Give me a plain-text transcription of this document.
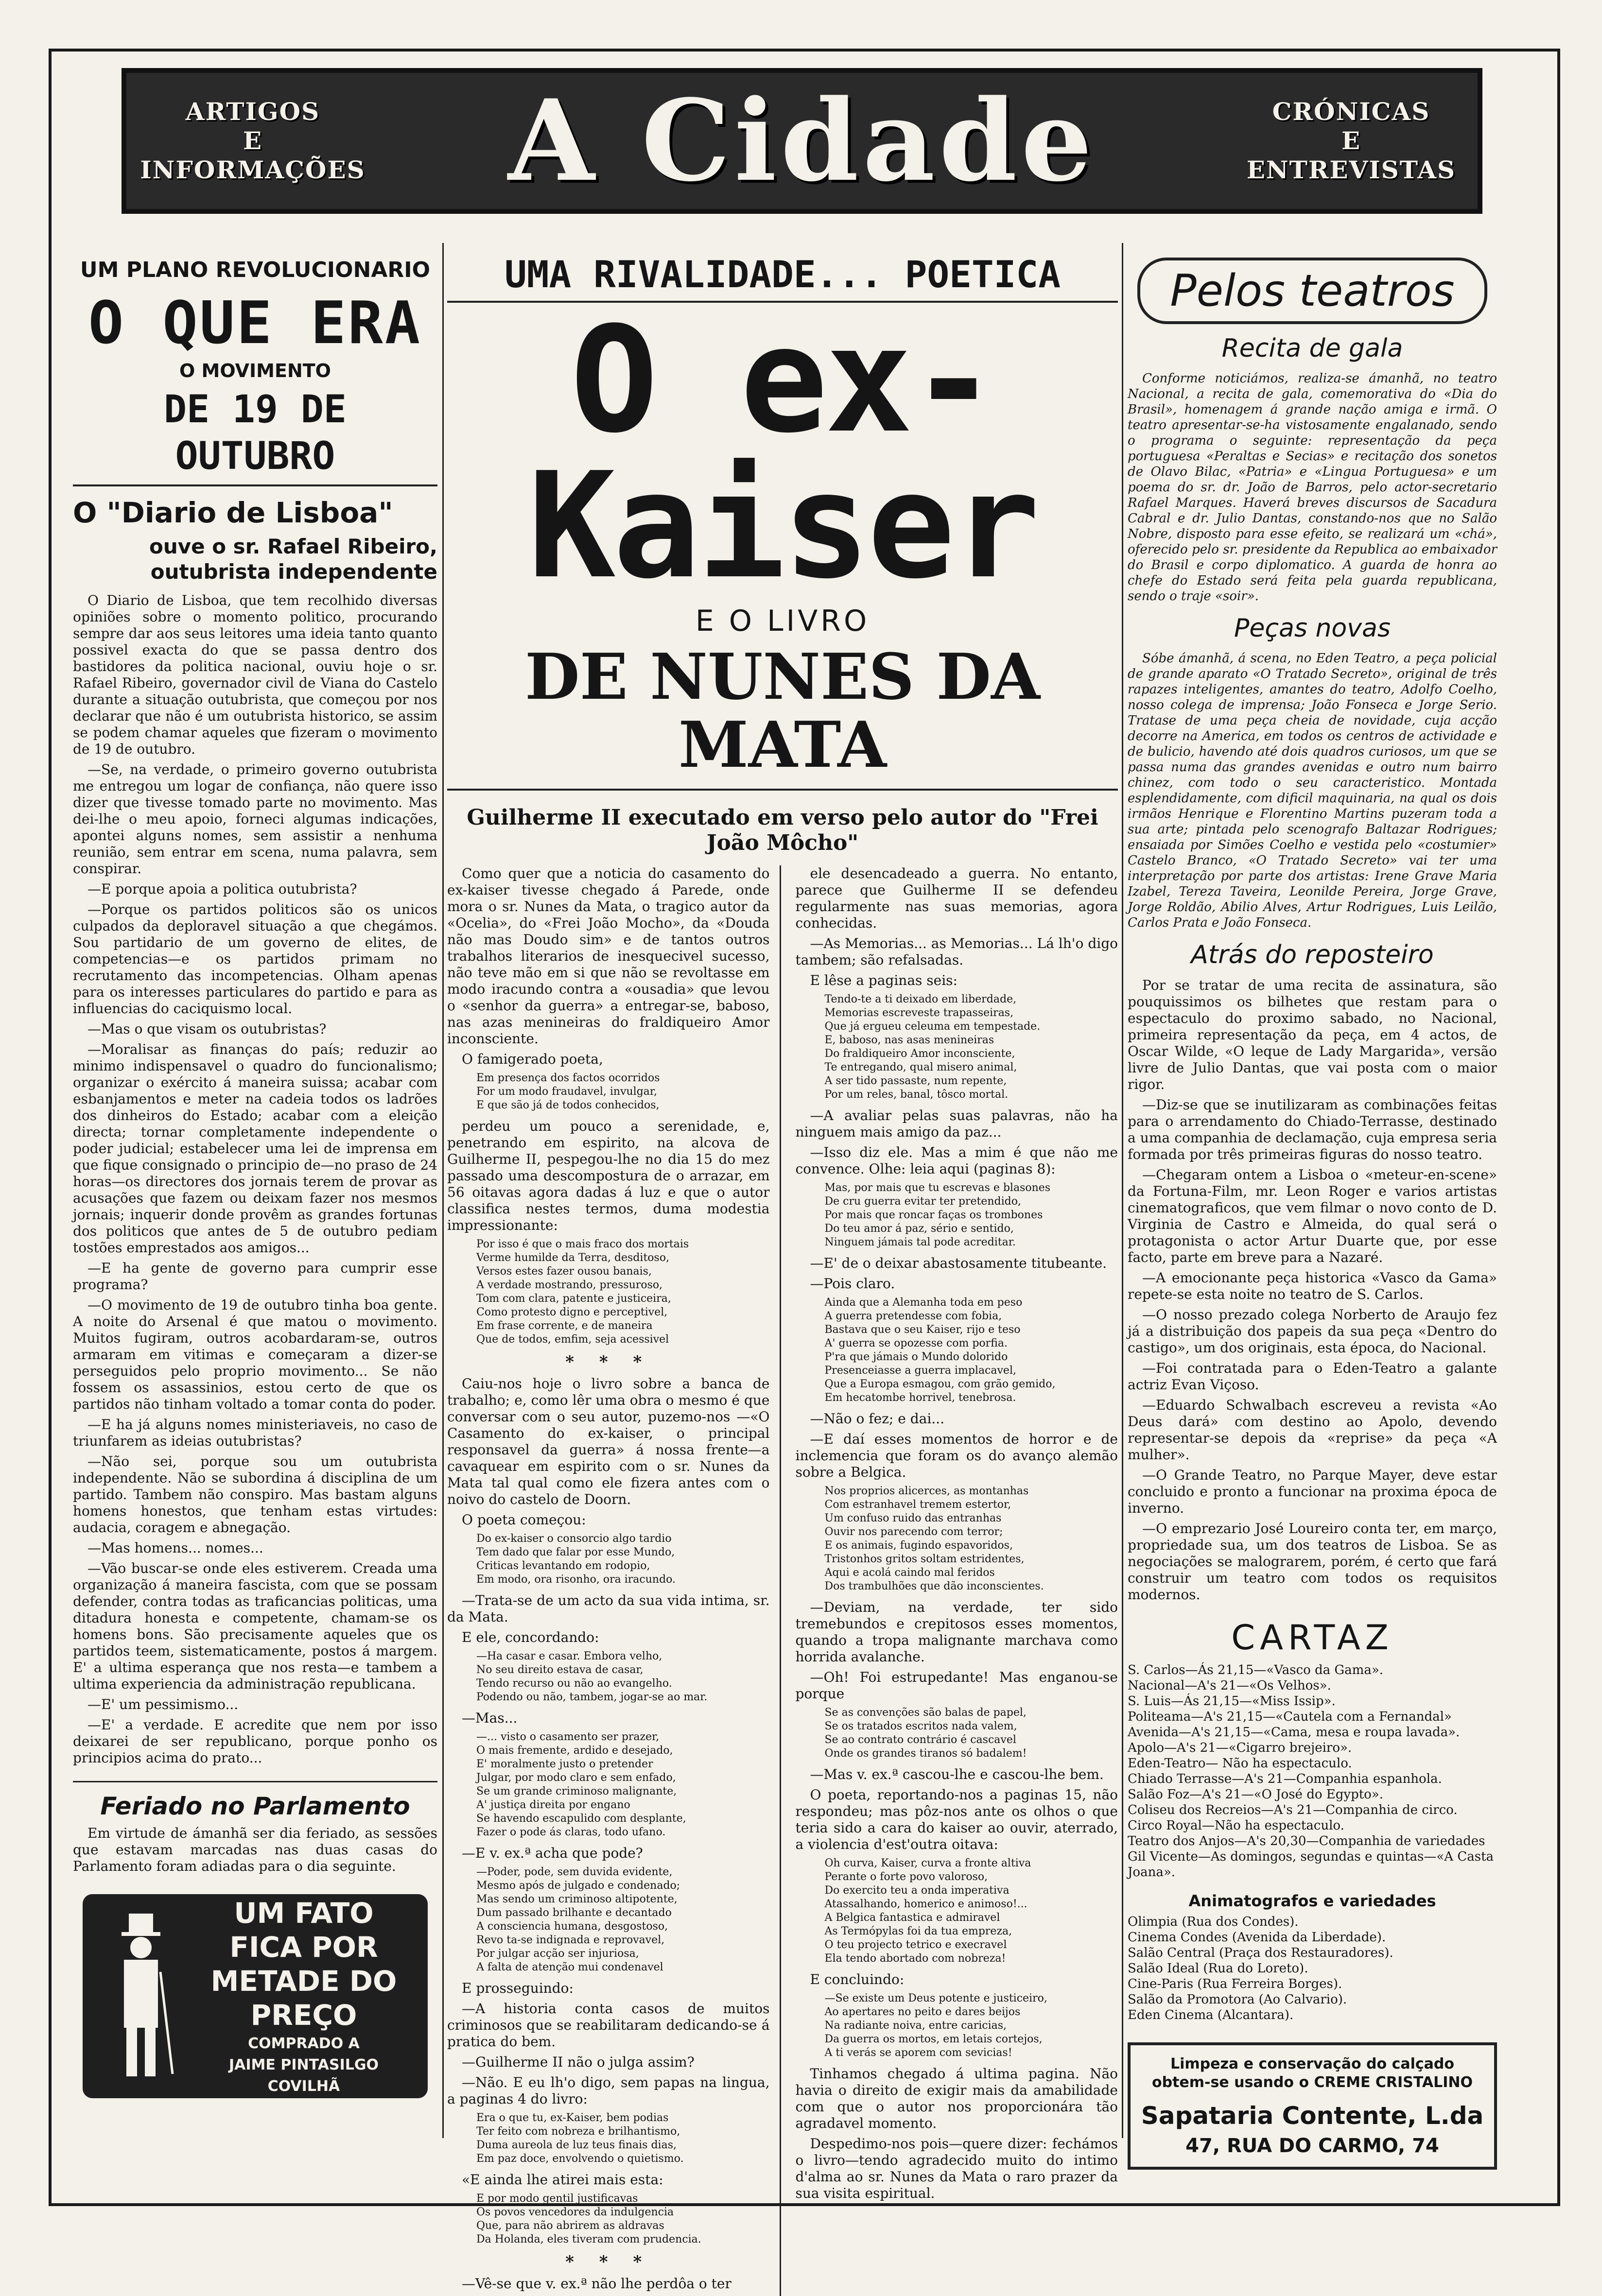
ARTIGOS
E
INFORMAÇÕES A Cidade	CRÓNICAS
E
ENTREVISTAS
UM PLANO REVOLUCIONARIO
O QUE ERA
O MOVIMENTO
DE 19 DE OUTUBRO
O "Diario de Lisboa"
ouve o sr. Rafael Ribeiro, outubrista independente

O Diario de Lisboa, que tem recolhido diversas opiniões sobre o momento politico, procurando sempre dar aos seus leitores uma ideia tanto quanto possivel exacta do que se passa dentro dos bastidores da politica nacional, ouviu hoje o sr. Rafael Ribeiro, governador civil de Viana do Castelo durante a situação outubrista, que começou por nos declarar que não é um outubrista historico, se assim se podem chamar aqueles que fizeram o movimento de 19 de outubro.

—Se, na verdade, o primeiro governo outubrista me entregou um logar de confiança, não quere isso dizer que tivesse tomado parte no movimento. Mas dei-lhe o meu apoio, forneci algumas indicações, apontei alguns nomes, sem assistir a nenhuma reunião, sem entrar em scena, numa palavra, sem conspirar.

—E porque apoia a politica outubrista?

—Porque os partidos politicos são os unicos culpados da deploravel situação a que chegámos. Sou partidario de um governo de elites, de competencias—e os partidos primam no recrutamento das incompetencias. Olham apenas para os interesses particulares do partido e para as influencias do caciquismo local.

—Mas o que visam os outubristas?

—Moralisar as finanças do país; reduzir ao minimo indispensavel o quadro do funcionalismo; organizar o exército á maneira suissa; acabar com esbanjamentos e meter na cadeia todos os ladrões dos dinheiros do Estado; acabar com a eleição directa; tornar completamente independente o poder judicial; estabelecer uma lei de imprensa em que fique consignado o principio de—no praso de 24 horas—os directores dos jornais terem de provar as acusações que fazem ou deixam fazer nos mesmos jornais; inquerir donde provêm as grandes fortunas dos politicos que antes de 5 de outubro pediam tostões emprestados aos amigos...

—E ha gente de governo para cumprir esse programa?

—O movimento de 19 de outubro tinha boa gente. A noite do Arsenal é que matou o movimento. Muitos fugiram, outros acobardaram-se, outros armaram em vitimas e começaram a dizer-se perseguidos pelo proprio movimento... Se não fossem os assassinios, estou certo de que os partidos não tinham voltado a tomar conta do poder.

—E ha já alguns nomes ministeriaveis, no caso de triunfarem as ideias outubristas?

—Não sei, porque sou um outubrista independente. Não se subordina á disciplina de um partido. Tambem não conspiro. Mas bastam alguns homens honestos, que tenham estas virtudes: audacia, coragem e abnegação.

—Mas homens... nomes...

—Vão buscar-se onde eles estiverem. Creada uma organização á maneira fascista, com que se possam defender, contra todas as traficancias politicas, uma ditadura honesta e competente, chamam-se os homens bons. São precisamente aqueles que os partidos teem, sistematicamente, postos á margem. E' a ultima esperança que nos resta—e tambem a ultima experiencia da administração republicana.

—E' um pessimismo...

—E' a verdade. E acredite que nem por isso deixarei de ser republicano, porque ponho os principios acima do prato...

Feriado no Parlamento

Em virtude de ámanhã ser dia feriado, as sessões que estavam marcadas nas duas casas do Parlamento foram adiadas para o dia seguinte.

UM FATO

FICA POR

METADE DO PREÇO

COMPRADO A

JAIME PINTASILGO

COVILHÃ

UMA RIVALIDADE... POETICA
O ex-Kaiser
E O LIVRO
DE NUNES DA MATA
Guilherme II executado em verso pelo autor do "Frei João Môcho"

Como quer que a noticia do casamento do ex-kaiser tivesse chegado á Parede, onde mora o sr. Nunes da Mata, o tragico autor da «Ocelia», do «Frei João Mocho», da «Douda não mas Doudo sim» e de tantos outros trabalhos literarios de inesquecivel sucesso, não teve mão em si que não se revoltasse em modo iracundo contra a «ousadia» que levou o «senhor da guerra» a entregar-se, baboso, nas azas menineiras do fraldiqueiro Amor inconsciente.

O famigerado poeta,

Em presença dos factos ocorridos
For um modo fraudavel, invulgar,
E que são já de todos conhecidos,

perdeu um pouco a serenidade, e, penetrando em espirito, na alcova de Guilherme II, pespegou-lhe no dia 15 do mez passado uma descompostura de o arrazar, em 56 oitavas agora dadas á luz e que o autor classifica nestes termos, duma modestia impressionante:

Por isso é que o mais fraco dos mortais
Verme humilde da Terra, desditoso,
Versos estes fazer ousou banais,
A verdade mostrando, pressuroso,
Tom com clara, patente e justiceira,
Como protesto digno e perceptivel,
Em frase corrente, e de maneira
Que de todos, emfim, seja acessivel
* * *

Caiu-nos hoje o livro sobre a banca de trabalho; e, como lêr uma obra o mesmo é que conversar com o seu autor, puzemo-nos —«O Casamento do ex-kaiser, o principal responsavel da guerra» á nossa frente—a cavaquear em espirito com o sr. Nunes da Mata tal qual como ele fizera antes com o noivo do castelo de Doorn.

O poeta começou:

Do ex-kaiser o consorcio algo tardio
Tem dado que falar por esse Mundo,
Criticas levantando em rodopio,
Em modo, ora risonho, ora iracundo.

—Trata-se de um acto da sua vida intima, sr. da Mata.

E ele, concordando:

—Ha casar e casar. Embora velho,
No seu direito estava de casar,
Tendo recurso ou não ao evangelho.
Podendo ou não, tambem, jogar-se ao mar.

—Mas...

—... visto o casamento ser prazer,
O mais fremente, ardido e desejado,
E' moralmente justo o pretender
Julgar, por modo claro e sem enfado,
Se um grande criminoso malignante,
A' justiça direita por engano
Se havendo escapulido com desplante,
Fazer o pode ás claras, todo ufano.

—E v. ex.ª acha que pode?

—Poder, pode, sem duvida evidente,
Mesmo após de julgado e condenado;
Mas sendo um criminoso altipotente,
Dum passado brilhante e decantado
A consciencia humana, desgostoso,
Revo ta-se indignada e reprovavel,
Por julgar acção ser injuriosa,
A falta de atenção mui condenavel

E prosseguindo:

—A historia conta casos de muitos criminosos que se reabilitaram dedicando-se á pratica do bem.

—Guilherme II não o julga assim?

—Não. E eu lh'o digo, sem papas na lingua, a paginas 4 do livro:

Era o que tu, ex-Kaiser, bem podias
Ter feito com nobreza e brilhantismo,
Duma aureola de luz teus finais dias,
Em paz doce, envolvendo o quietismo.

«E ainda lhe atirei mais esta:

E por modo gentil justificavas
Os povos vencedores da indulgencia
Que, para não abrirem as aldravas
Da Holanda, eles tiveram com prudencia.
* * *

—Vê-se que v. ex.ª não lhe perdôa o ter

ele desencadeado a guerra. No entanto, parece que Guilherme II se defendeu regularmente nas suas memorias, agora conhecidas.

—As Memorias... as Memorias... Lá lh'o digo tambem; são refalsadas.

E lêse a paginas seis:

Tendo-te a ti deixado em liberdade,
Memorias escreveste trapasseiras,
Que já ergueu celeuma em tempestade.
E, baboso, nas asas menineiras
Do fraldiqueiro Amor inconsciente,
Te entregando, qual misero animal,
A ser tido passaste, num repente,
Por um reles, banal, tôsco mortal.

—A avaliar pelas suas palavras, não ha ninguem mais amigo da paz...

—Isso diz ele. Mas a mim é que não me convence. Olhe: leia aqui (paginas 8):

Mas, por mais que tu escrevas e blasones
De cru guerra evitar ter pretendido,
Por mais que roncar faças os trombones
Do teu amor á paz, sério e sentido,
Ninguem jámais tal pode acreditar.

—E' de o deixar abastosamente titubeante.

—Pois claro.

Ainda que a Alemanha toda em peso
A guerra pretendesse com fobia,
Bastava que o seu Kaiser, rijo e teso
A' guerra se opozesse com porfia.
P'ra que jámais o Mundo dolorido
Presenceiasse a guerra implacavel,
Que a Europa esmagou, com grão gemido,
Em hecatombe horrivel, tenebrosa.

—Não o fez; e dai...

—E daí esses momentos de horror e de inclemencia que foram os do avanço alemão sobre a Belgica.

Nos proprios alicerces, as montanhas
Com estranhavel tremem estertor,
Um confuso ruido das entranhas
Ouvir nos parecendo com terror;
E os animais, fugindo espavoridos,
Tristonhos gritos soltam estridentes,
Aqui e acolá caindo mal feridos
Dos trambulhões que dão inconscientes.

—Deviam, na verdade, ter sido tremebundos e crepitosos esses momentos, quando a tropa malignante marchava como horrida avalanche.

—Oh! Foi estrupedante! Mas enganou-se porque

Se as convenções são balas de papel,
Se os tratados escritos nada valem,
Se ao contrato contrário é cascavel
Onde os grandes tiranos só badalem!

—Mas v. ex.ª cascou-lhe e cascou-lhe bem.

O poeta, reportando-nos a paginas 15, não respondeu; mas pôz-nos ante os olhos o que teria sido a cara do kaiser ao ouvir, aterrado, a violencia d'est'outra oitava:

Oh curva, Kaiser, curva a fronte altiva
Perante o forte povo valoroso,
Do exercito teu a onda imperativa
Atassalhando, homerico e animoso!...
A Belgica fantastica e admiravel
As Termópylas foi da tua empreza,
O teu projecto tetrico e execravel
Ela tendo abortado com nobreza!

E concluindo:

—Se existe um Deus potente e justiceiro,
Ao apertares no peito e dares beijos
Na radiante noiva, entre caricias,
Da guerra os mortos, em letais cortejos,
A ti verás se aporem com sevicias!

Tinhamos chegado á ultima pagina. Não havia o direito de exigir mais da amabilidade com que o autor nos proporcionára tão agradavel momento.

Despedimo-nos pois—quere dizer: fechámos o livro—tendo agradecido muito do intimo d'alma ao sr. Nunes da Mata o raro prazer da sua visita espiritual.

Pelos teatros
Recita de gala

Conforme noticiámos, realiza-se ámanhã, no teatro Nacional, a recita de gala, comemorativa do «Dia do Brasil», homenagem á grande nação amiga e irmã. O teatro apresentar-se-ha vistosamente engalanado, sendo o programa o seguinte: representação da peça portuguesa «Peraltas e Secias» e recitação dos sonetos de Olavo Bilac, «Patria» e «Lingua Portuguesa» e um poema do sr. dr. João de Barros, pelo actor-secretario Rafael Marques. Haverá breves discursos de Sacadura Cabral e dr. Julio Dantas, constando-nos que no Salão Nobre, disposto para esse efeito, se realizará um «chá», oferecido pelo sr. presidente da Republica ao embaixador do Brasil e corpo diplomatico. A guarda de honra ao chefe do Estado será feita pela guarda republicana, sendo o traje «soir».

Peças novas

Sóbe ámanhã, á scena, no Eden Teatro, a peça policial de grande aparato «O Tratado Secreto», original de três rapazes inteligentes, amantes do teatro, Adolfo Coelho, nosso colega de imprensa; João Fonseca e Jorge Serio. Tratase de uma peça cheia de novidade, cuja acção decorre na America, em todos os centros de actividade e de bulicio, havendo até dois quadros curiosos, um que se passa numa das grandes avenidas e outro num bairro chinez, com todo o seu caracteristico. Montada esplendidamente, com dificil maquinaria, na qual os dois irmãos Henrique e Florentino Martins puzeram toda a sua arte; pintada pelo scenografo Baltazar Rodrigues; ensaiada por Simões Coelho e vestida pelo «costumier» Castelo Branco, «O Tratado Secreto» vai ter uma interpretação por parte dos artistas: Irene Grave Maria Izabel, Tereza Taveira, Leonilde Pereira, Jorge Grave, Jorge Roldão, Abilio Alves, Artur Rodrigues, Luis Leilão, Carlos Prata e João Fonseca.

Atrás do reposteiro

Por se tratar de uma recita de assinatura, são pouquissimos os bilhetes que restam para o espectaculo do proximo sabado, no Nacional, primeira representação da peça, em 4 actos, de Oscar Wilde, «O leque de Lady Margarida», versão livre de Julio Dantas, que vai posta com o maior rigor.

—Diz-se que se inutilizaram as combinações feitas para o arrendamento do Chiado-Terrasse, destinado a uma companhia de declamação, cuja empresa seria formada por três primeiras figuras do nosso teatro.

—Chegaram ontem a Lisboa o «meteur-en-scene» da Fortuna-Film, mr. Leon Roger e varios artistas cinematograficos, que vem filmar o novo conto de D. Virginia de Castro e Almeida, do qual será o protagonista o actor Artur Duarte que, por esse facto, parte em breve para a Nazaré.

—A emocionante peça historica «Vasco da Gama» repete-se esta noite no teatro de S. Carlos.

—O nosso prezado colega Norberto de Araujo fez já a distribuição dos papeis da sua peça «Dentro do castigo», um dos originais, esta época, do Nacional.

—Foi contratada para o Eden-Teatro a galante actriz Evan Viçoso.

—Eduardo Schwalbach escreveu a revista «Ao Deus dará» com destino ao Apolo, devendo representar-se depois da «reprise» da peça «A mulher».

—O Grande Teatro, no Parque Mayer, deve estar concluido e pronto a funcionar na proxima época de inverno.

—O emprezario José Loureiro conta ter, em março, propriedade sua, um dos teatros de Lisboa. Se as negociações se malograrem, porém, é certo que fará construir um teatro com todos os requisitos modernos.

CARTAZ

S. Carlos—Ás 21,15—«Vasco da Gama».

Nacional—A's 21—«Os Velhos».

S. Luis—Ás 21,15—«Miss Issip».

Politeama—A's 21,15—«Cautela com a Fernandal»

Avenida—A's 21,15—«Cama, mesa e roupa lavada».

Apolo—A's 21—«Cigarro brejeiro».

Eden-Teatro— Não ha espectaculo.

Chiado Terrasse—A's 21—Companhia espanhola.

Salão Foz—A's 21—«O José do Egypto».

Coliseu dos Recreios—A's 21—Companhia de circo.

Circo Royal—Não ha espectaculo.

Teatro dos Anjos—A's 20,30—Companhia de variedades

Gil Vicente—As domingos, segundas e quintas—«A Casta Joana».

Animatografos e variedades

Olimpia (Rua dos Condes).

Cinema Condes (Avenida da Liberdade).

Salão Central (Praça dos Restauradores).

Salão Ideal (Rua do Loreto).

Cine-Paris (Rua Ferreira Borges).

Salão da Promotora (Ao Calvario).

Eden Cinema (Alcantara).

Limpeza e conservação do calçado

obtem-se usando o CREME CRISTALINO

Sapataria Contente, L.da

47, RUA DO CARMO, 74
